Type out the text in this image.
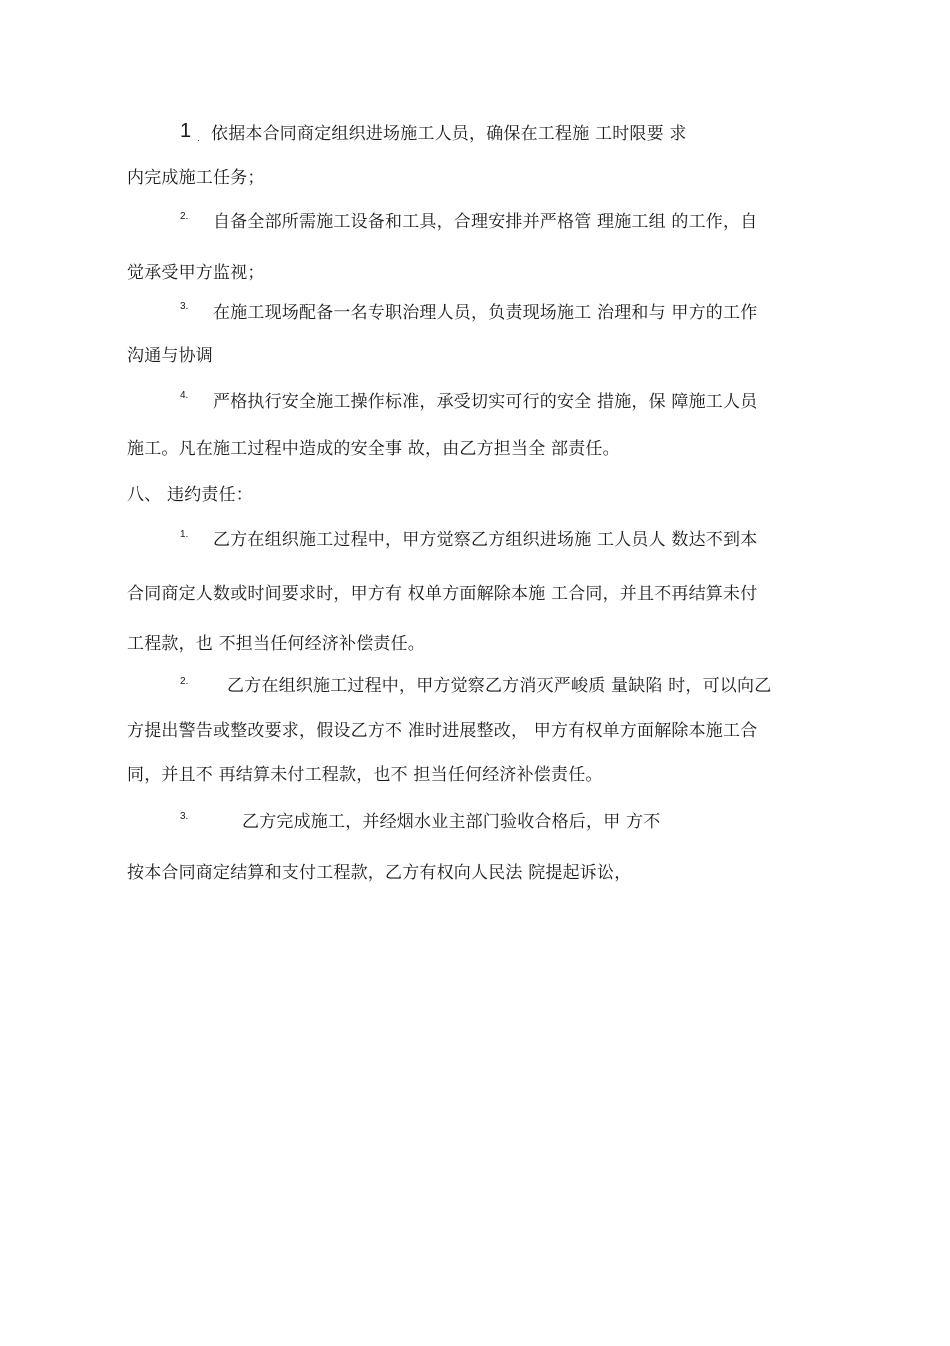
1 . 依据本合同商定组织进场施工人员，确保在工程施 工时限要 求
内完成施工任务；
2. 自备全部所需施工设备和工具，合理安排并严格管 理施工组 的工作，自
觉承受甲方监视；
3. 在施工现场配备一名专职治理人员，负责现场施工 治理和与 甲方的工作
沟通与协调
4. 严格执行安全施工操作标准，承受切实可行的安全 措施，保 障施工人员
施工。凡在施工过程中造成的安全事 故，由乙方担当全 部责任。
八、 违约责任：
1. 乙方在组织施工过程中，甲方觉察乙方组织进场施 工人员人 数达不到本
合同商定人数或时间要求时，甲方有 权单方面解除本施 工合同，并且不再结算未付
工程款，也 不担当任何经济补偿责任。
2. 乙方在组织施工过程中，甲方觉察乙方消灭严峻质 量缺陷 时，可以向乙
方提出警告或整改要求，假设乙方不 准时进展整改， 甲方有权单方面解除本施工合
同，并且不 再结算未付工程款，也不 担当任何经济补偿责任。
3.	乙方完成施工，并经烟水业主部门验收合格后，甲 方不
按本合同商定结算和支付工程款，乙方有权向人民法 院提起诉讼，
